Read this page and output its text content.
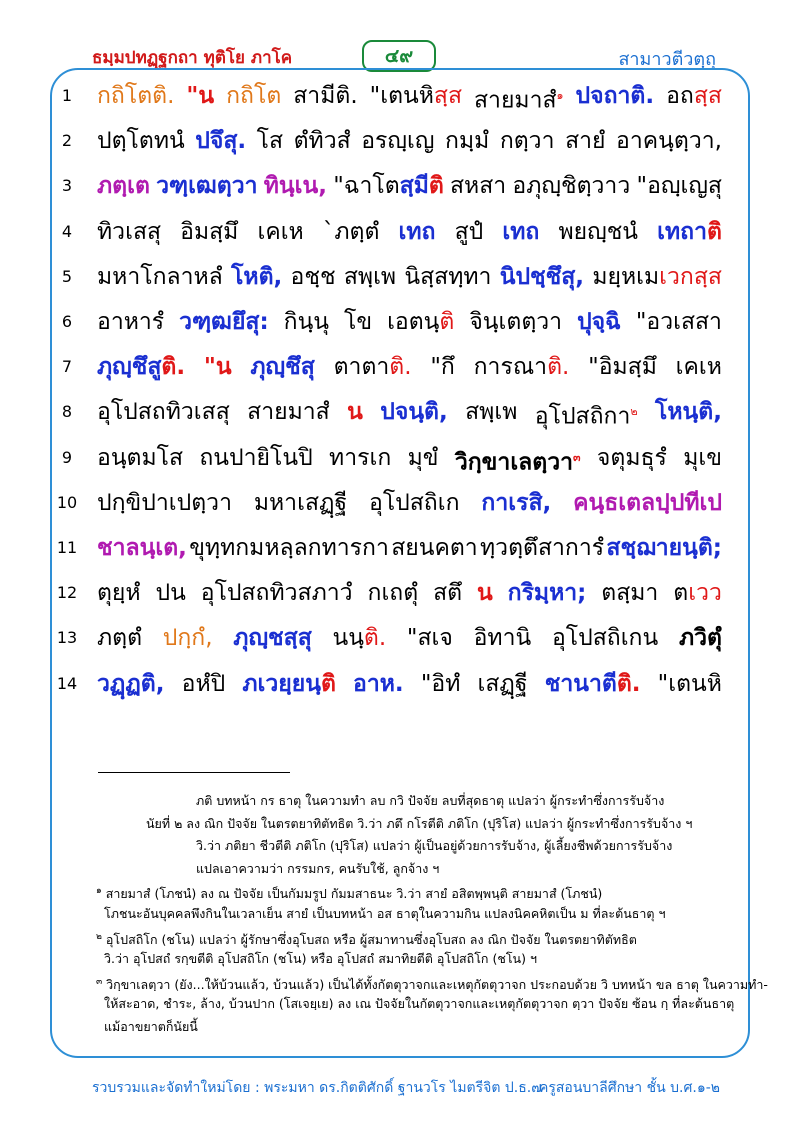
ธมฺมปทฏฺฐกถา ทุติโย ภาโค	๔๙	สามาวตีวตฺถุ
1	กถิโตติ. "น กถิโต สามีติ. "เตนหิสฺส สายมาสํ$^๑$ ปจถาติ. อถสฺส
2	ปตฺโตทนํ ปจึสุ. โส ตํทิวสํ อรญฺเญ กมฺมํ กตฺวา สายํ อาคนฺตฺวา,
3	ภตฺเต วฑฺเฒตฺวา ทินฺเน, "ฉาโตสฺมีติ สหสา อภุญฺชิตฺวาว "อญฺเญสุ
4	ทิวเสสุ อิมสฺมึ เคเห `ภตฺตํ เทถ สูปํ เทถ พยญฺชนํ เทถาติ
5	มหาโกลาหลํ โหติ, อชฺช สพฺเพ นิสฺสทฺทา นิปชฺชึสุ, มยฺหเมเวกสฺส
6	อาหารํ วฑฺฒยึสุ: กินฺนุ โข เอตนฺติ จินฺเตตฺวา ปุจฺฉิ "อวเสสา
7	ภุญฺชึสูติ. "น ภุญฺชึสุ ตาตาติ. "กึ การณาติ. "อิมสฺมึ เคเห
8	อุโปสถทิวเสสุ สายมาสํ น ปจนฺติ, สพฺเพ อุโปสถิกา$^๒$ โหนฺติ,
9	อนฺตมโส ถนปายิโนปิ ทารเก มุขํ วิกฺขาเลตฺวา$^๓$ จตุมธุรํ มุเข
10 ปกฺขิปาเปตฺวา มหาเสฏฺฐี อุโปสถิเก กาเรสิ, คนฺธเตลปฺปทีเป
11 ชาลนฺเต, ขุทฺทกมหลฺลกทารกา สยนคตา ทฺวตฺตึสาการํ สชฺฌายนฺติ;
12 ตุยฺหํ ปน อุโปสถทิวสภาวํ กเถตุํ สตึ น กริมฺหา; ตสฺมา ตเวว
13 ภตฺตํ ปกฺกํ, ภุญฺชสฺสุ นนฺติ. "สเจ อิทานิ อุโปสถิเกน ภวิตุํ
14 วฏฺฏติ, อหํปิ ภเวยฺยนฺติ อาห. "อิทํ เสฏฺฐี ชานาตีติ. "เตนหิ
ภติ บทหน้า กร ธาตุ ในความทำ ลบ กวิ ปัจจัย ลบที่สุดธาตุ แปลว่า ผู้กระทำซึ่งการรับจ้าง
นัยที่ ๒ ลง ณิก ปัจจัย ในตรตยาทิตัทธิต วิ.ว่า ภตึ กโรตีติ ภติโก (ปุริโส) แปลว่า ผู้กระทำซึ่งการรับจ้าง ฯ
วิ.ว่า ภติยา ชีวตีติ ภติโก (ปุริโส) แปลว่า ผู้เป็นอยู่ด้วยการรับจ้าง, ผู้เลี้ยงชีพด้วยการรับจ้าง
แปลเอาความว่า กรรมกร, คนรับใช้, ลูกจ้าง ฯ
$^๑$ สายมาสํ (โภชนํ) ลง ณ ปัจจัย เป็นกัมมรูป กัมมสาธนะ วิ.ว่า สายํ อสิตพฺพนฺติ สายมาสํ (โภชนํ)
โภชนะอันบุคคลพึงกินในเวลาเย็น สายํ เป็นบทหน้า อส ธาตุในความกิน แปลงนิคคหิตเป็น ม ที่ละต้นธาตุ ฯ
$^๒$ อุโปสถิโก (ชโน) แปลว่า ผู้รักษาซึ่งอุโบสถ หรือ ผู้สมาทานซึ่งอุโบสถ ลง ณิก ปัจจัย ในตรตยาทิตัทธิต
วิ.ว่า อุโปสถํ รกฺขตีติ อุโปสถิโก (ชโน) หรือ อุโปสถํ สมาทิยตีติ อุโปสถิโก (ชโน) ฯ
$^๓$ วิกฺขาเลตฺวา (ยัง...ให้บ้วนแล้ว, บ้วนแล้ว) เป็นได้ทั้งกัตตุวาจกและเหตุกัตตุวาจก ประกอบด้วย วิ บทหน้า ขล ธาตุ ในความทำ-
ให้สะอาด, ชำระ, ล้าง, บ้วนปาก (โสเจยฺเย) ลง เณ ปัจจัยในกัตตุวาจกและเหตุกัตตุวาจก ตฺวา ปัจจัย ซ้อน กฺ ที่ละต้นธาตุ
แม้อาขยาตก็นัยนี้
รวบรวมและจัดทำใหม่โดย : พระมหา ดร.กิตติศักดิ์ ฐานวโร ไมตรีจิต ป.ธ.๗
ครูสอนบาลีศึกษา ชั้น บ.ศ.๑-๒
